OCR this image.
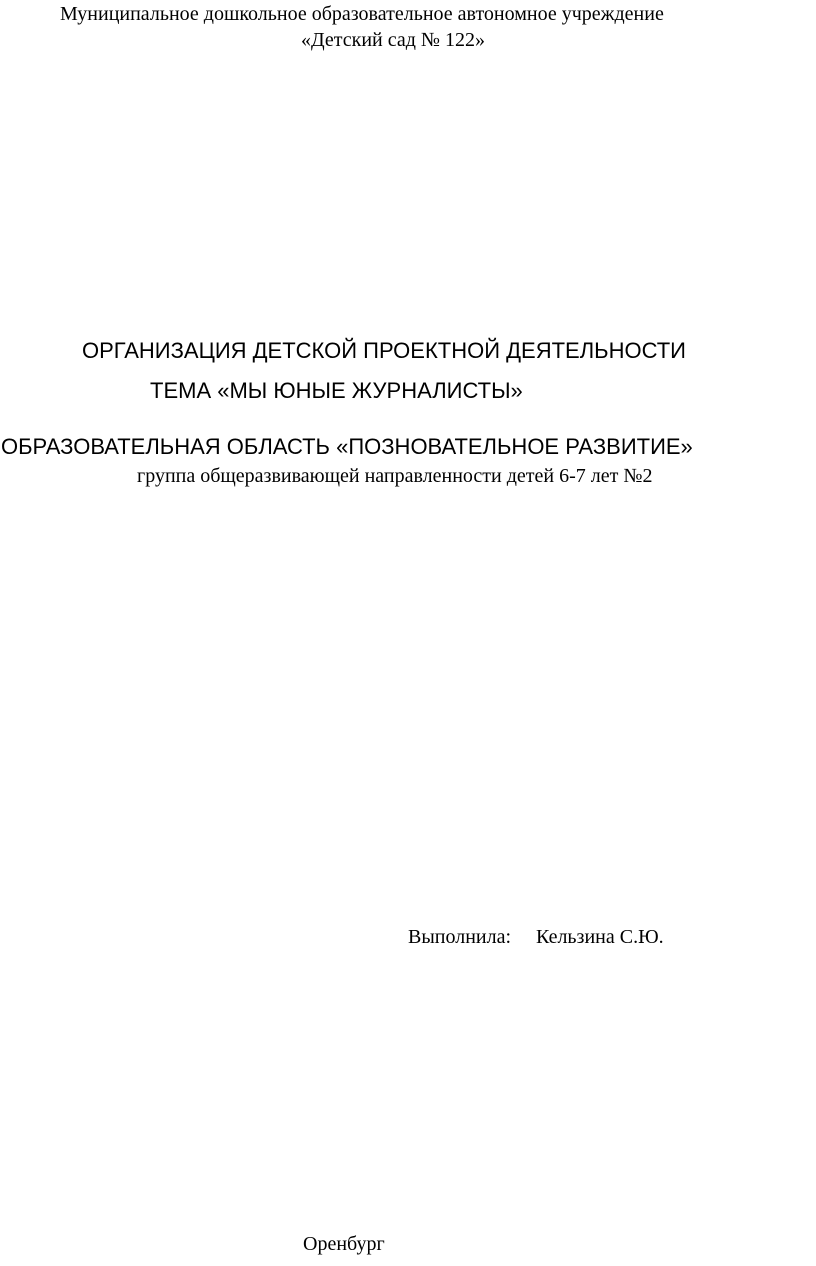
Муниципальное дошкольное образовательное автономное учреждение
«Детский сад № 122»
ОРГАНИЗАЦИЯ ДЕТСКОЙ ПРОЕКТНОЙ ДЕЯТЕЛЬНОСТИ
ТЕМА «МЫ ЮНЫЕ ЖУРНАЛИСТЫ»
ОБРАЗОВАТЕЛЬНАЯ ОБЛАСТЬ «ПОЗНОВАТЕЛЬНОЕ РАЗВИТИЕ»
группа общеразвивающей направленности детей 6-7 лет №2
Выполнила: Кельзина С.Ю.
Оренбург
